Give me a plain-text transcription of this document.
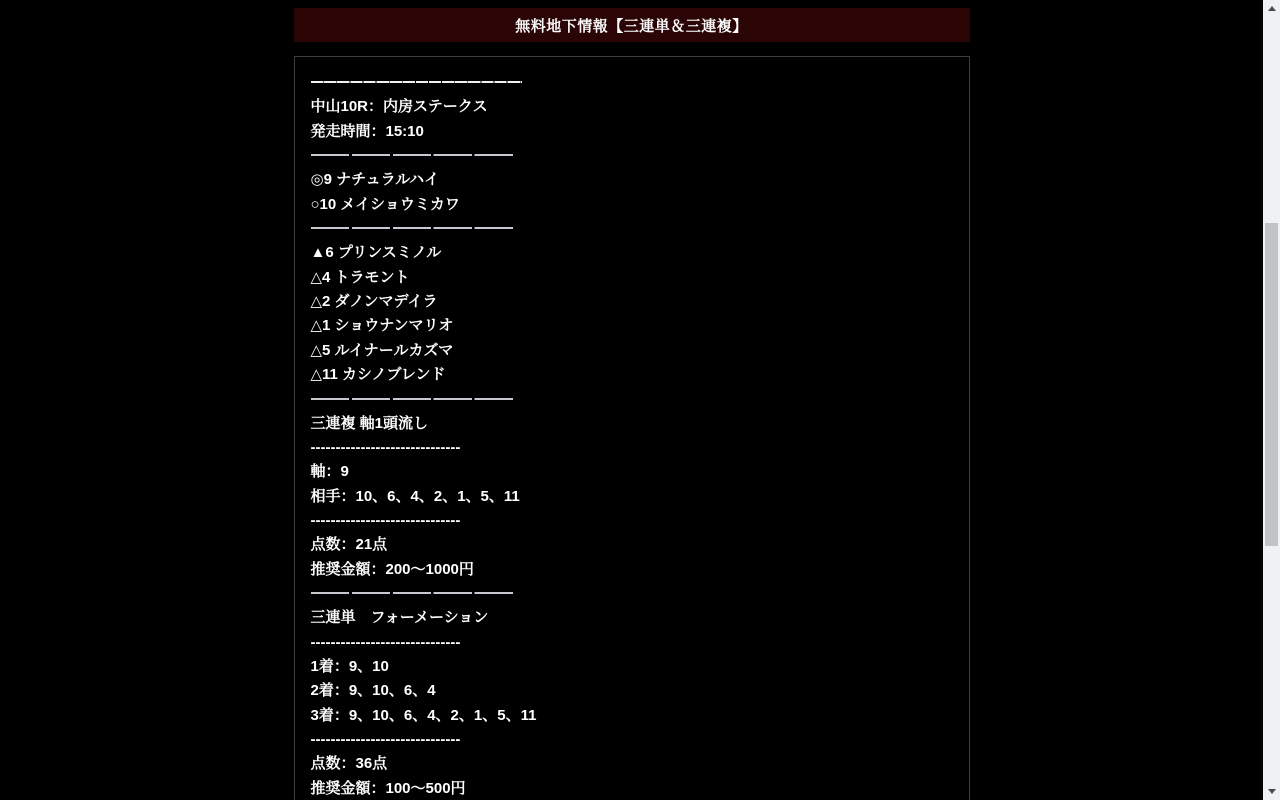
無料地下情報【三連単＆三連複】
中山10R：内房ステークス
発走時間：15:10
◎9 ナチュラルハイ
○10 メイショウミカワ
▲6 プリンスミノル
△4 トラモント
△2 ダノンマデイラ
△1 ショウナンマリオ
△5 ルイナールカズマ
△11 カシノブレンド
三連複 軸1頭流し
------------------------------
軸：9
相手：10、6、4、2、1、5、11
------------------------------
点数：21点
推奨金額：200〜1000円
三連単　フォーメーション
------------------------------
1着：9、10
2着：9、10、6、4
3着：9、10、6、4、2、1、5、11
------------------------------
点数：36点
推奨金額：100〜500円
